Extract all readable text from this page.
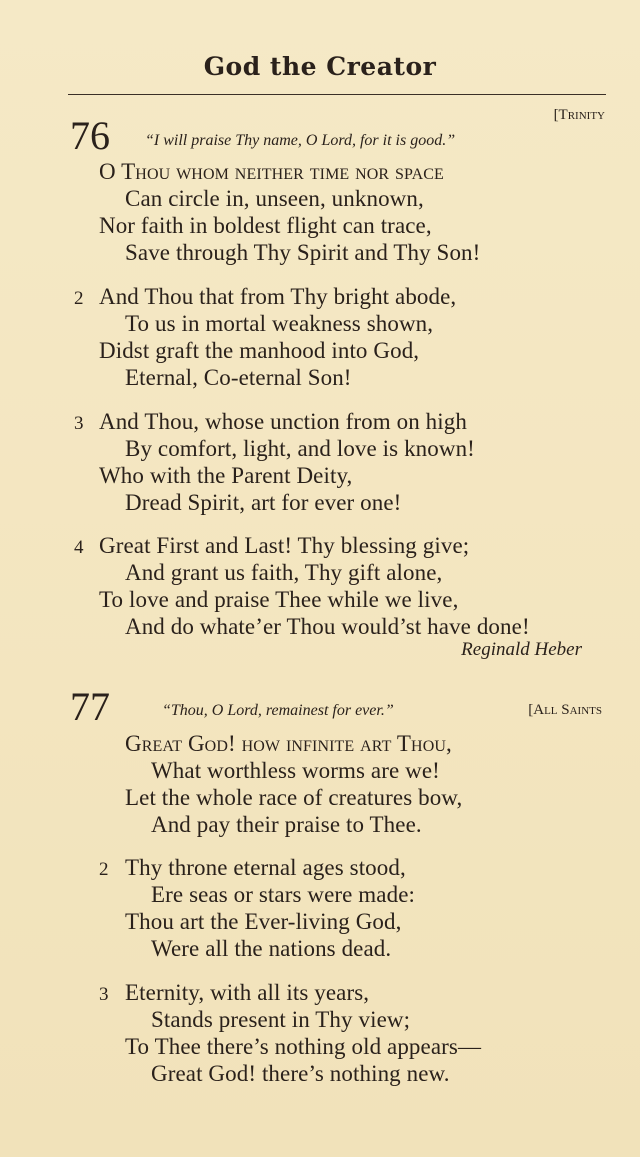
God the Creator
76	[Trinity
“I will praise Thy name, O Lord, for it is good.”
O Thou whom neither time nor space
Can circle in, unseen, unknown,
Nor faith in boldest flight can trace,
Save through Thy Spirit and Thy Son!
2 And Thou that from Thy bright abode,
To us in mortal weakness shown,
Didst graft the manhood into God,
Eternal, Co-eternal Son!
3 And Thou, whose unction from on high
By comfort, light, and love is known!
Who with the Parent Deity,
Dread Spirit, art for ever one!
4 Great First and Last! Thy blessing give;
And grant us faith, Thy gift alone,
To love and praise Thee while we live,
And do whate’er Thou would’st have done!
Reginald Heber
77	“Thou, O Lord, remainest for ever.”	[All Saints
Great God! how infinite art Thou,
What worthless worms are we!
Let the whole race of creatures bow,
And pay their praise to Thee.
2 Thy throne eternal ages stood,
Ere seas or stars were made:
Thou art the Ever-living God,
Were all the nations dead.
3 Eternity, with all its years,
Stands present in Thy view;
To Thee there’s nothing old appears—
Great God! there’s nothing new.
